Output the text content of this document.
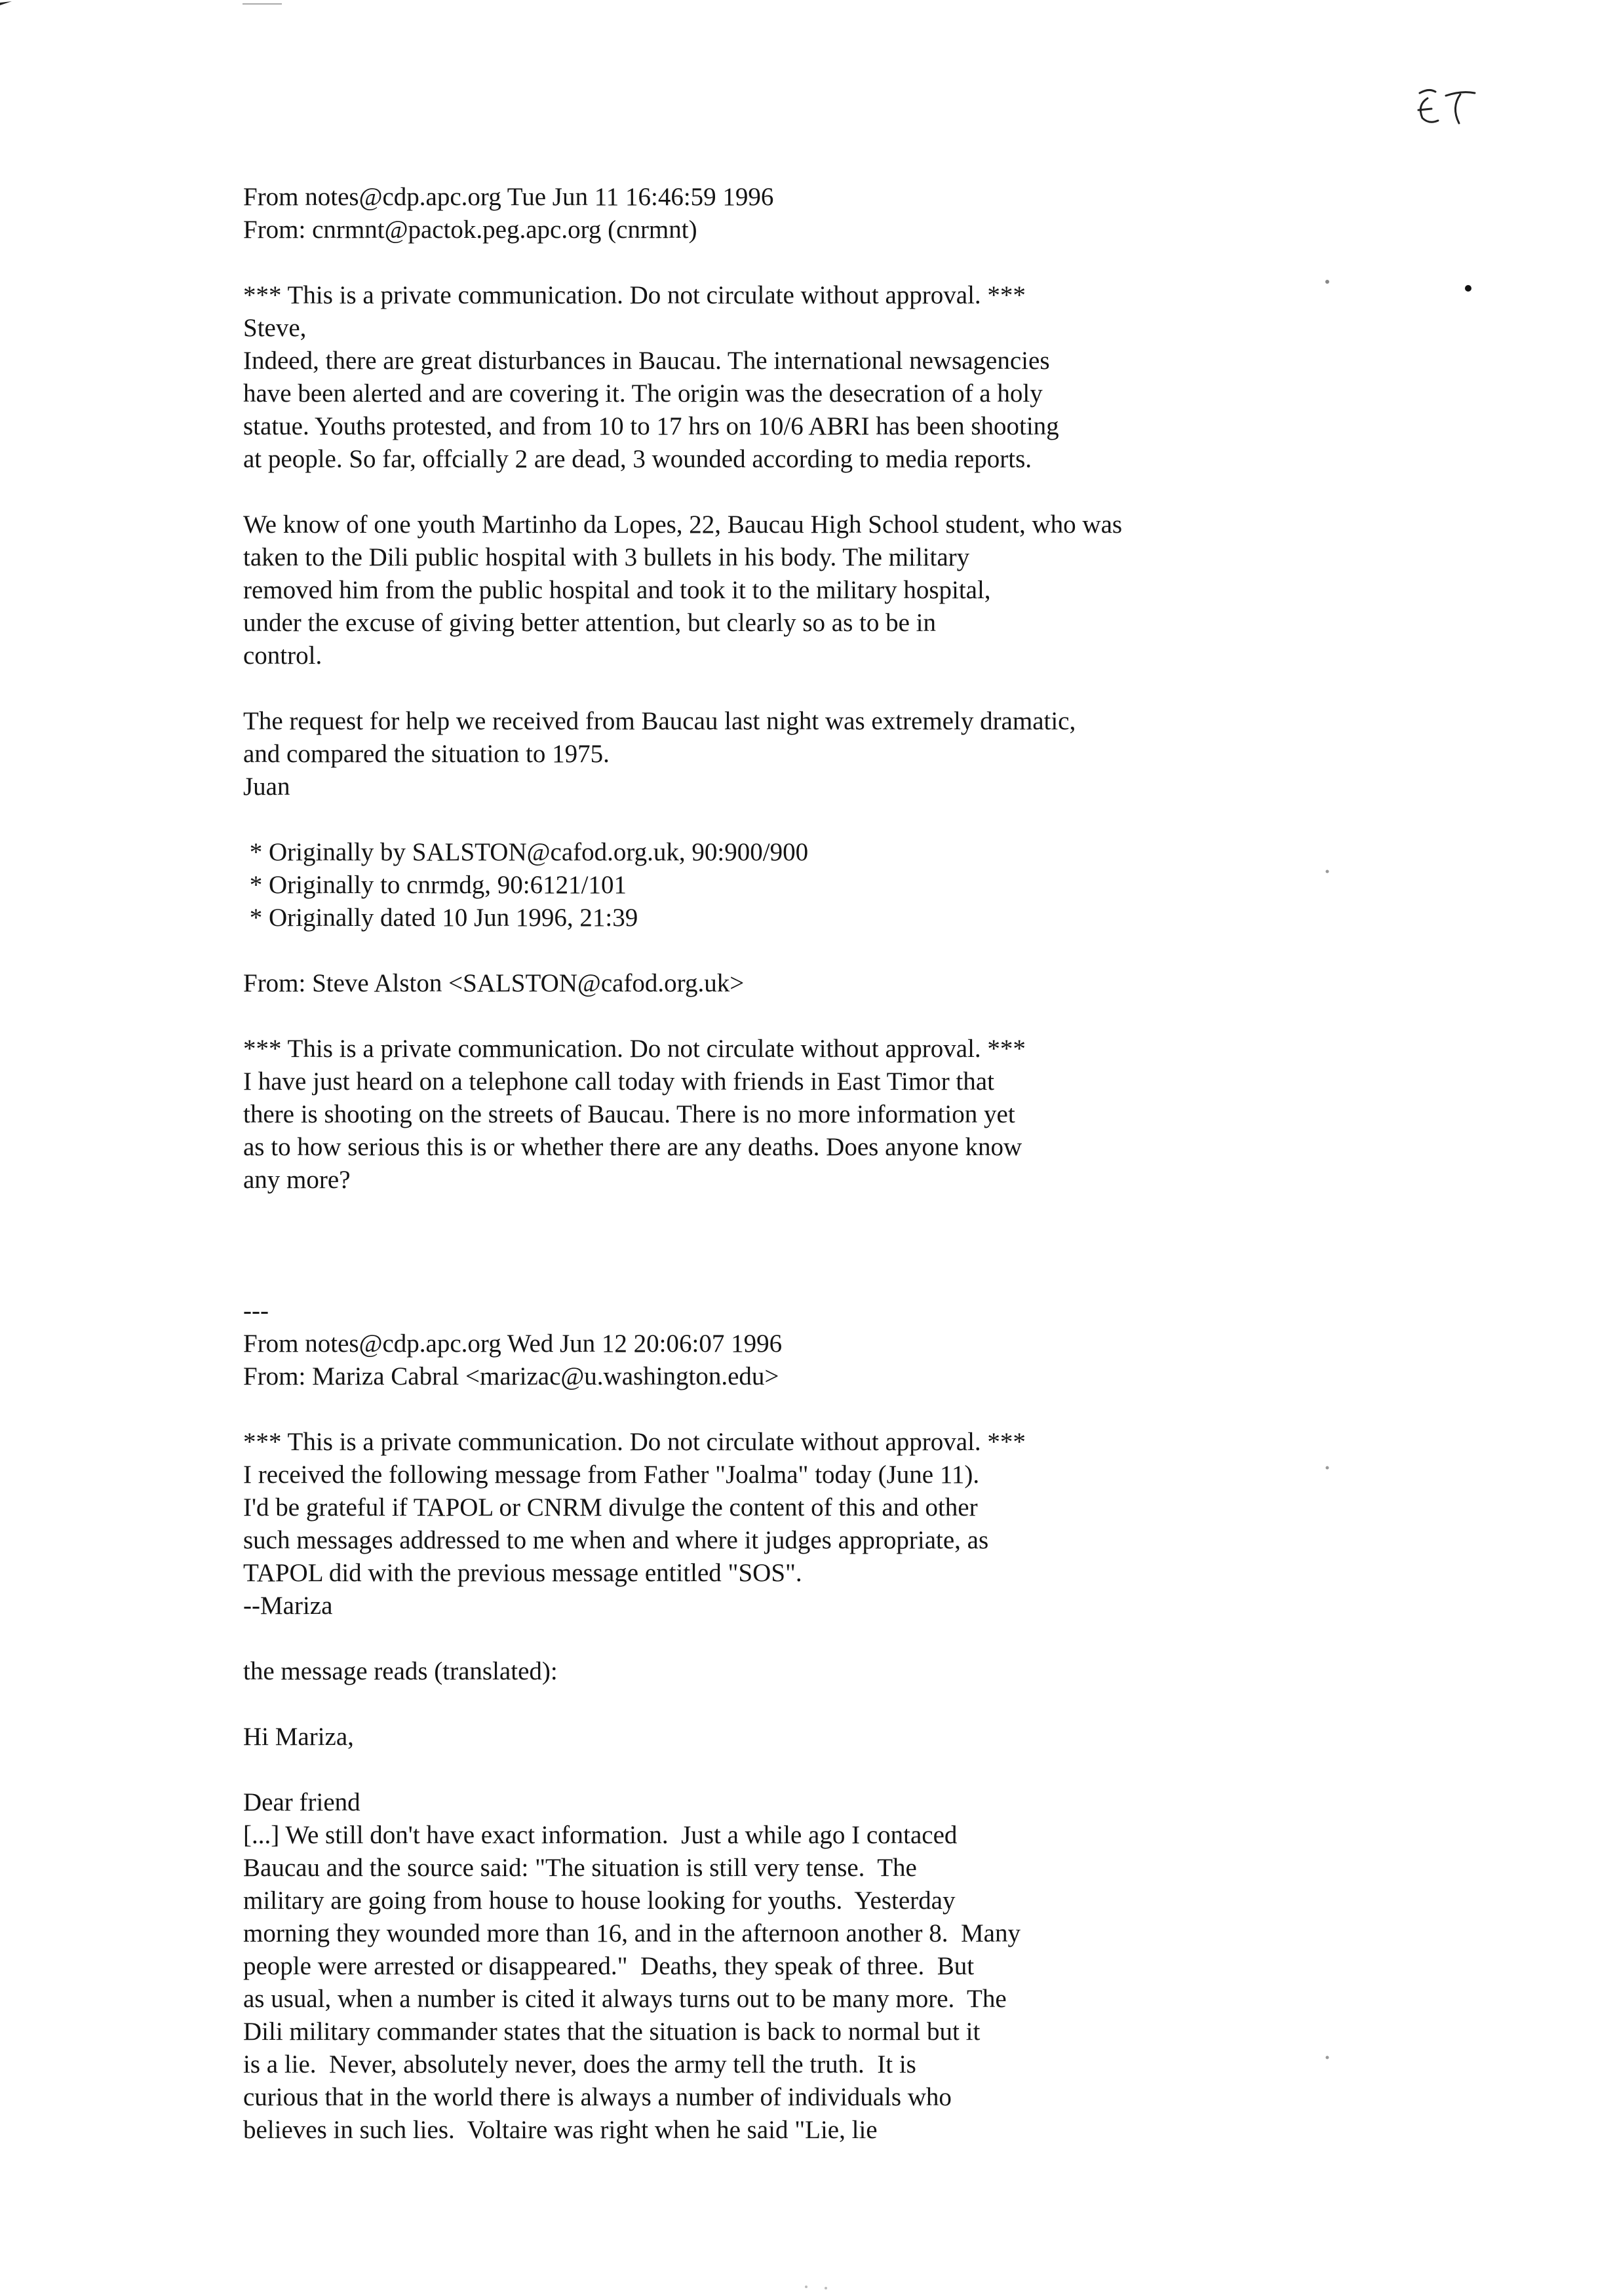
From notes@cdp.apc.org Tue Jun 11 16:46:59 1996
From: cnrmnt@pactok.peg.apc.org (cnrmnt)
*** This is a private communication. Do not circulate without approval. ***
Steve,
Indeed, there are great disturbances in Baucau. The international newsagencies
have been alerted and are covering it. The origin was the desecration of a holy
statue. Youths protested, and from 10 to 17 hrs on 10/6 ABRI has been shooting
at people. So far, offcially 2 are dead, 3 wounded according to media reports.
We know of one youth Martinho da Lopes, 22, Baucau High School student, who was
taken to the Dili public hospital with 3 bullets in his body. The military
removed him from the public hospital and took it to the military hospital,
under the excuse of giving better attention, but clearly so as to be in
control.
The request for help we received from Baucau last night was extremely dramatic,
and compared the situation to 1975.
Juan
* Originally by SALSTON@cafod.org.uk, 90:900/900
* Originally to cnrmdg, 90:6121/101
* Originally dated 10 Jun 1996, 21:39
From: Steve Alston <SALSTON@cafod.org.uk>
*** This is a private communication. Do not circulate without approval. ***
I have just heard on a telephone call today with friends in East Timor that
there is shooting on the streets of Baucau. There is no more information yet
as to how serious this is or whether there are any deaths. Does anyone know
any more?
---
From notes@cdp.apc.org Wed Jun 12 20:06:07 1996
From: Mariza Cabral <marizac@u.washington.edu>
*** This is a private communication. Do not circulate without approval. ***
I received the following message from Father "Joalma" today (June 11).
I'd be grateful if TAPOL or CNRM divulge the content of this and other
such messages addressed to me when and where it judges appropriate, as
TAPOL did with the previous message entitled "SOS".
--Mariza
the message reads (translated):
Hi Mariza,
Dear friend
[...] We still don't have exact information.  Just a while ago I contaced
Baucau and the source said: "The situation is still very tense.  The
military are going from house to house looking for youths.  Yesterday
morning they wounded more than 16, and in the afternoon another 8.  Many
people were arrested or disappeared."  Deaths, they speak of three.  But
as usual, when a number is cited it always turns out to be many more.  The
Dili military commander states that the situation is back to normal but it
is a lie.  Never, absolutely never, does the army tell the truth.  It is
curious that in the world there is always a number of individuals who
believes in such lies.  Voltaire was right when he said "Lie, lie
